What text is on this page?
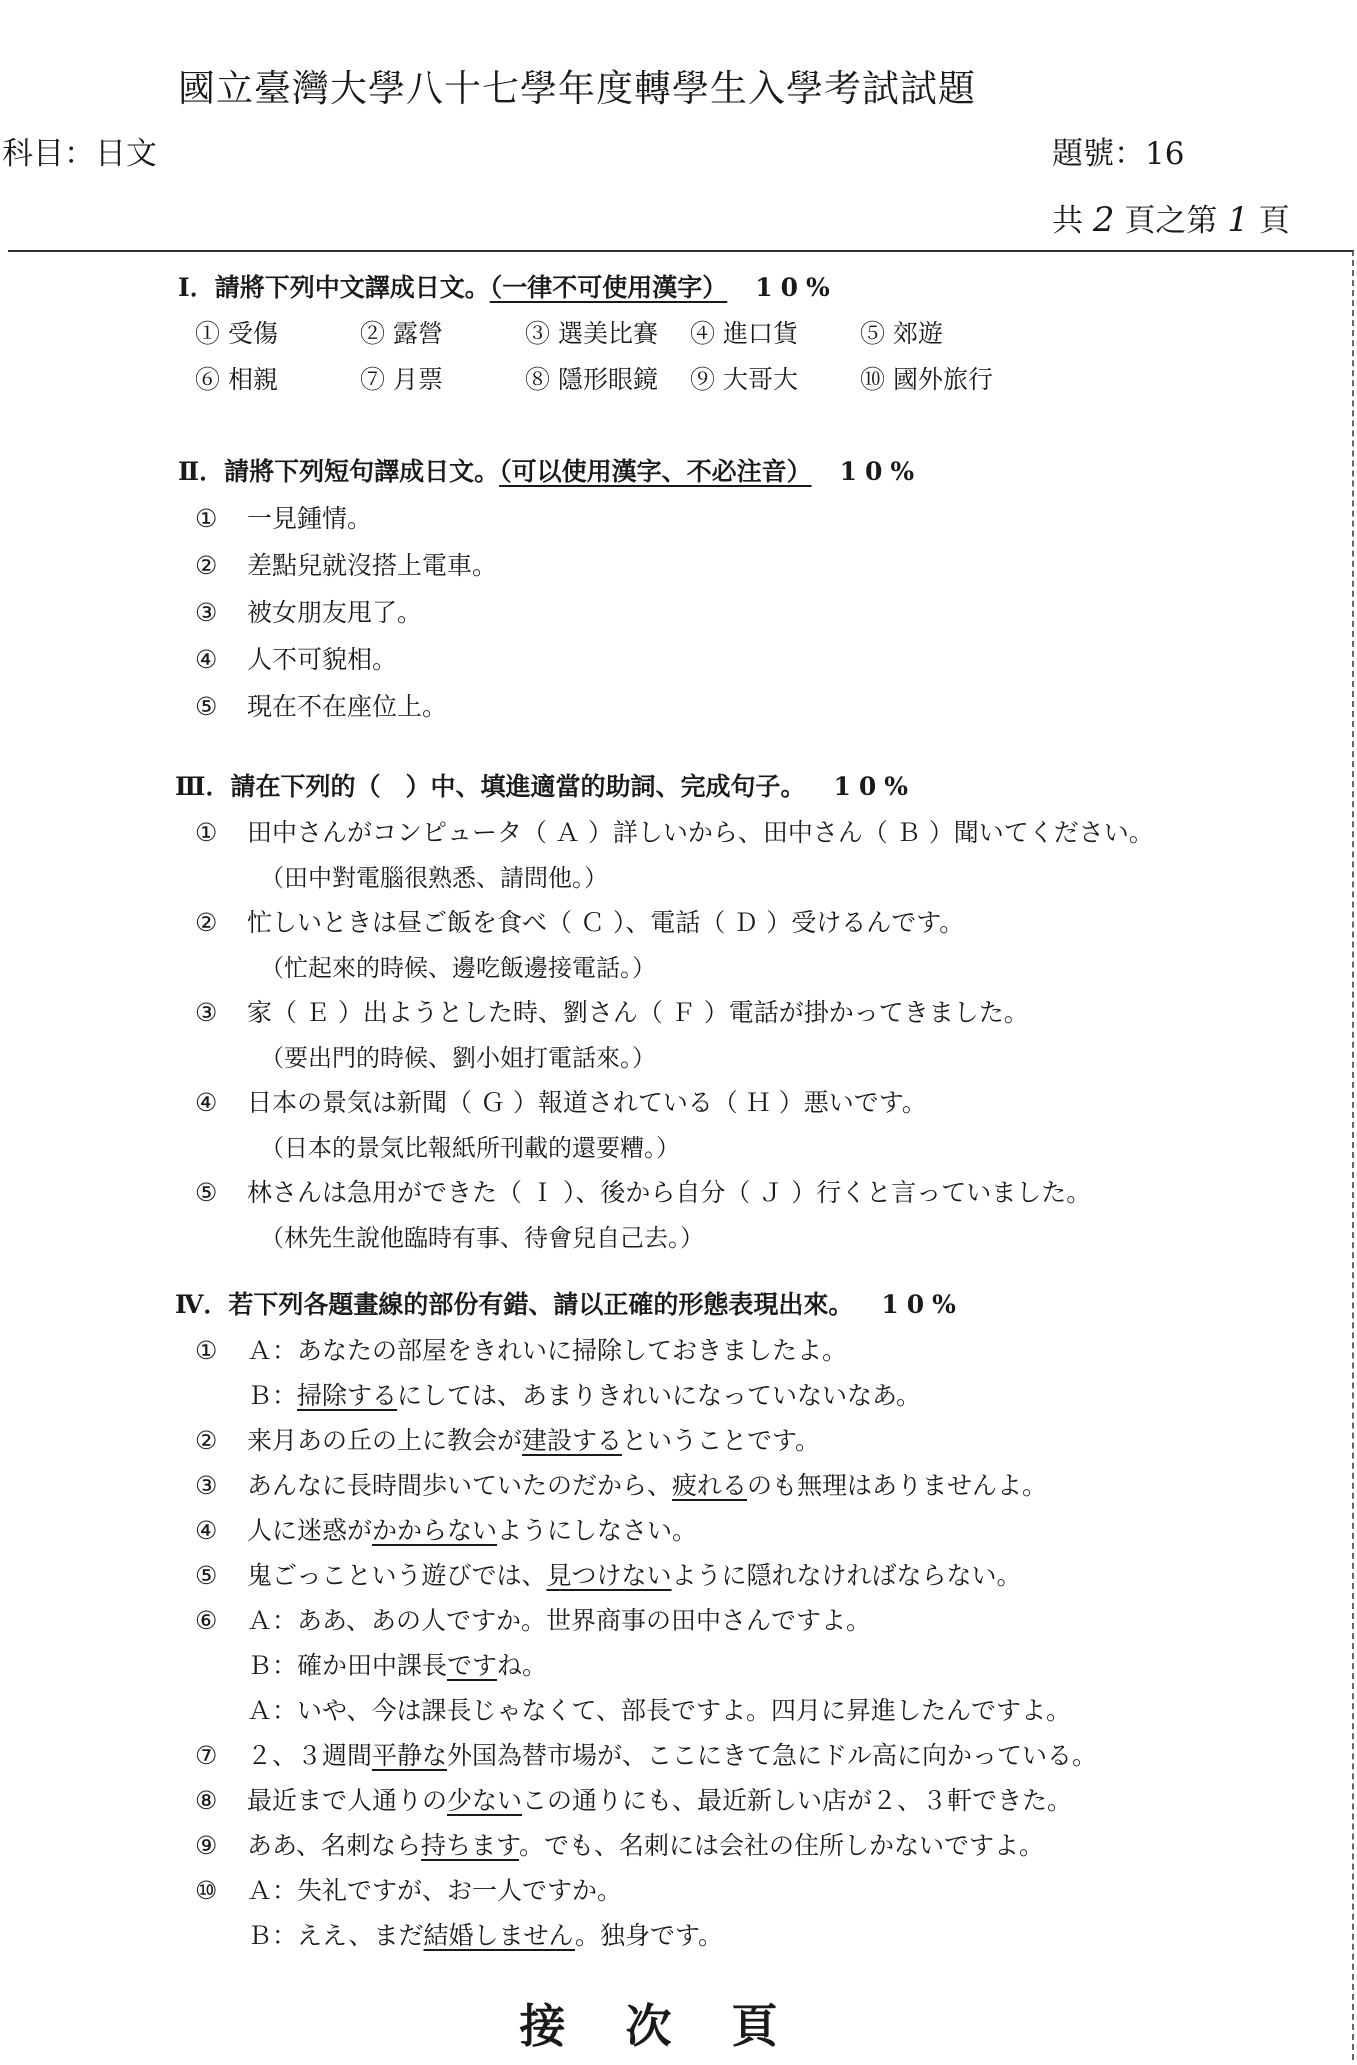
國立臺灣大學八十七學年度轉學生入學考試試題
科目：日文	題號：16
共 2 頁之第 1 頁
I．請將下列中文譯成日文。（一律不可使用漢字） 10%
① 受傷	② 露營	③ 選美比賽 ④ 進口貨 ⑤ 郊遊
⑥ 相親	⑦ 月票	⑧ 隱形眼鏡 ⑨ 大哥大 ⑩ 國外旅行
Ⅱ．請將下列短句譯成日文。（可以使用漢字、不必注音） 10%
① 一見鍾情。
② 差點兒就沒搭上電車。
③ 被女朋友甩了。
④ 人不可貌相。
⑤ 現在不在座位上。
Ⅲ．請在下列的（　）中、填進適當的助詞、完成句子。 10%
① 田中さんがコンピュータ（ Ａ ）詳しいから、田中さん（ Ｂ ）聞いてください。
（田中對電腦很熟悉、請問他。）
② 忙しいときは昼ご飯を食べ（ Ｃ ）、電話（ Ｄ ）受けるんです。
（忙起來的時候、邊吃飯邊接電話。）
③ 家（ Ｅ ）出ようとした時、劉さん（ Ｆ ）電話が掛かってきました。
（要出門的時候、劉小姐打電話來。）
④ 日本の景気は新聞（ Ｇ ）報道されている（ Ｈ ）悪いです。
（日本的景気比報紙所刊載的還要糟。）
⑤ 林さんは急用ができた（ Ｉ ）、後から自分（ Ｊ ）行くと言っていました。
（林先生說他臨時有事、待會兒自己去。）
Ⅳ．若下列各題畫線的部份有錯、請以正確的形態表現出來。 10%
① Ａ：あなたの部屋をきれいに掃除しておきましたよ。
Ｂ：掃除するにしては、あまりきれいになっていないなあ。
② 来月あの丘の上に教会が建設するということです。
③ あんなに長時間歩いていたのだから、疲れるのも無理はありませんよ。
④ 人に迷惑がかからないようにしなさい。
⑤ 鬼ごっこという遊びでは、見つけないように隠れなければならない。
⑥ Ａ：ああ、あの人ですか。世界商事の田中さんですよ。
Ｂ：確か田中課長ですね。
Ａ：いや、今は課長じゃなくて、部長ですよ。四月に昇進したんですよ。
⑦ ２、３週間平静な外国為替市場が、ここにきて急にドル高に向かっている。
⑧ 最近まで人通りの少ないこの通りにも、最近新しい店が２、３軒できた。
⑨ ああ、名刺なら持ちます。でも、名刺には会社の住所しかないですよ。
⑩ Ａ：失礼ですが、お一人ですか。
Ｂ：ええ、まだ結婚しません。独身です。
接次頁
